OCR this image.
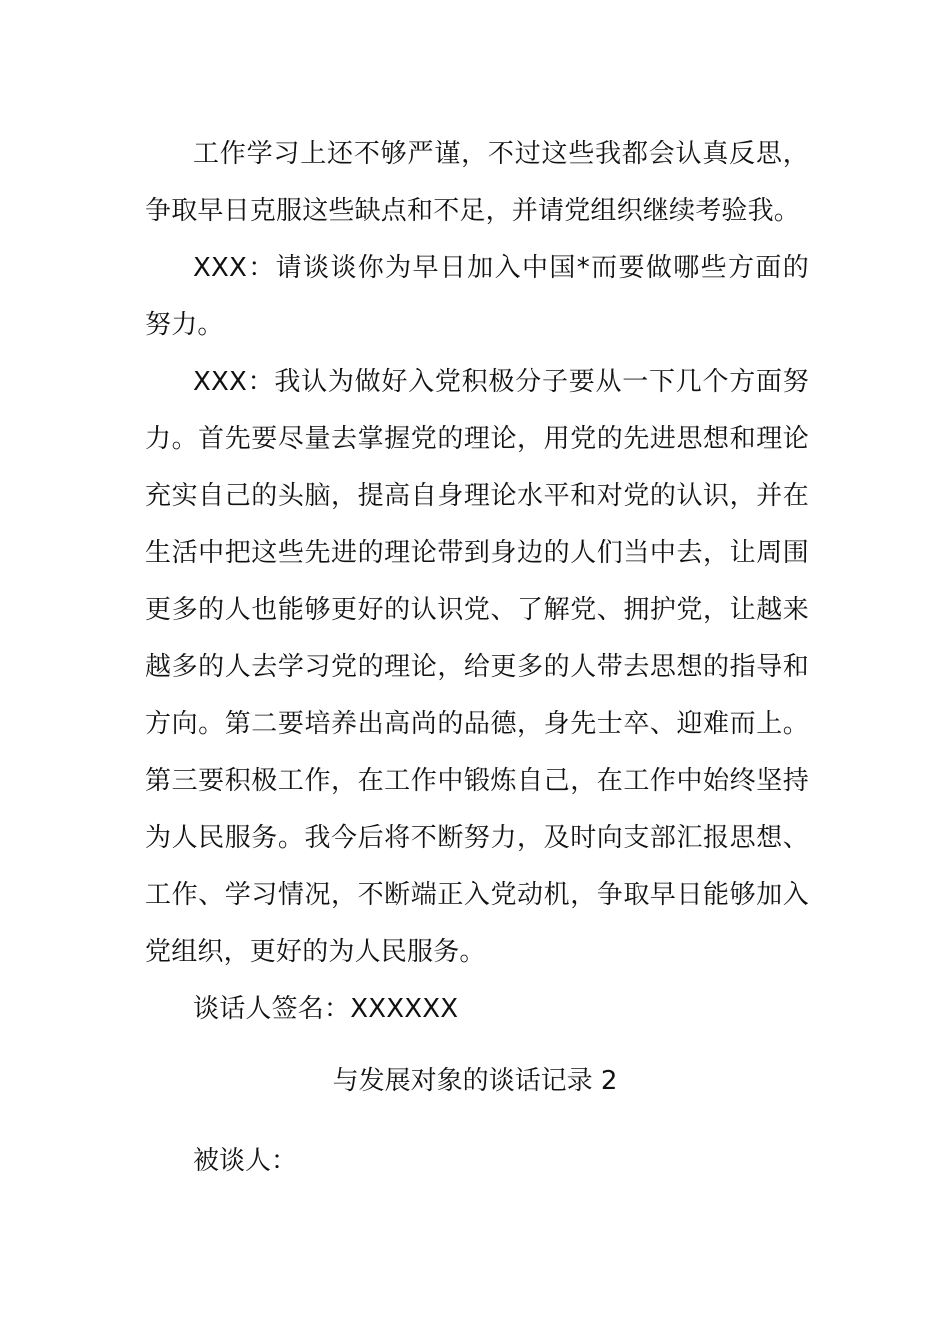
工作学习上还不够严谨，不过这些我都会认真反思，争取早日克服这些缺点和不足，并请党组织继续考验我。

XXX：请谈谈你为早日加入中国*而要做哪些方面的努力。

XXX：我认为做好入党积极分子要从一下几个方面努力。首先要尽量去掌握党的理论，用党的先进思想和理论充实自己的头脑，提高自身理论水平和对党的认识，并在生活中把这些先进的理论带到身边的人们当中去，让周围更多的人也能够更好的认识党、了解党、拥护党，让越来越多的人去学习党的理论，给更多的人带去思想的指导和方向。第二要培养出高尚的品德，身先士卒、迎难而上。第三要积极工作，在工作中锻炼自己，在工作中始终坚持为人民服务。我今后将不断努力，及时向支部汇报思想、工作、学习情况，不断端正入党动机，争取早日能够加入党组织，更好的为人民服务。

谈话人签名：XXXXXX

与发展对象的谈话记录 2

被谈人：
